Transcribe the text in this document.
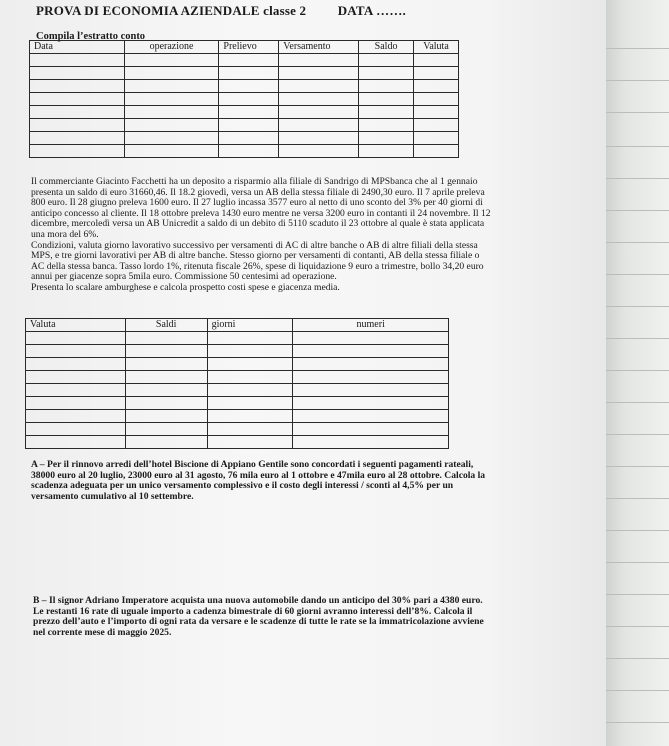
PROVA DI ECONOMIA AZIENDALE classe 2 DATA …….
Compila l’estratto conto
Data	operazione	Prelievo	Versamento	Saldo	Valuta

Il commerciante Giacinto Facchetti ha un deposito a risparmio alla filiale di Sandrigo di MPSbanca che al 1 gennaio
presenta un saldo di euro 31660,46. Il 18.2 giovedì, versa un AB della stessa filiale di 2490,30 euro. Il 7 aprile preleva
800 euro. Il 28 giugno preleva 1600 euro. Il 27 luglio incassa 3577 euro al netto di uno sconto del 3% per 40 giorni di
anticipo concesso al cliente. Il 18 ottobre preleva 1430 euro mentre ne versa 3200 euro in contanti il 24 novembre. Il 12
dicembre, mercoledì versa un AB Unicredit a saldo di un debito di 5110 scaduto il 23 ottobre al quale è stata applicata
una mora del 6%.
Condizioni, valuta giorno lavorativo successivo per versamenti di AC di altre banche o AB di altre filiali della stessa
MPS, e tre giorni lavorativi per AB di altre banche. Stesso giorno per versamenti di contanti, AB della stessa filiale o
AC della stessa banca. Tasso lordo 1%, ritenuta fiscale 26%, spese di liquidazione 9 euro a trimestre, bollo 34,20 euro
annui per giacenze sopra 5mila euro. Commissione 50 centesimi ad operazione.
Presenta lo scalare amburghese e calcola prospetto costi spese e giacenza media.
Valuta	Saldi	giorni	numeri

A – Per il rinnovo arredi dell’hotel Biscione di Appiano Gentile sono concordati i seguenti pagamenti rateali,
38000 euro al 20 luglio, 23000 euro al 31 agosto, 76 mila euro al 1 ottobre e 47mila euro al 28 ottobre. Calcola la
scadenza adeguata per un unico versamento complessivo e il costo degli interessi / sconti al 4,5% per un
versamento cumulativo al 10 settembre.
B – Il signor Adriano Imperatore acquista una nuova automobile dando un anticipo del 30% pari a 4380 euro.
Le restanti 16 rate di uguale importo a cadenza bimestrale di 60 giorni avranno interessi dell’8%. Calcola il
prezzo dell’auto e l’importo di ogni rata da versare e le scadenze di tutte le rate se la immatricolazione avviene
nel corrente mese di maggio 2025.
